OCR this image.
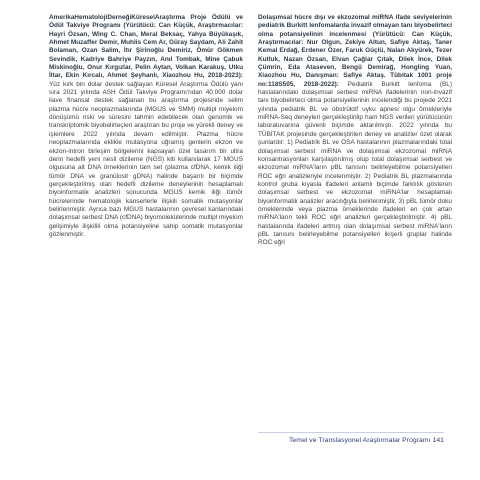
AmerikaHematolojiDerneğiKüreselAraştırma Proje Ödülü ve Ödül Takviye Programı (Yürütücü: Can Küçük, Araştırmacılar: Hayri Özsan, Wing C. Chan, Meral Beksaç, Yahya Büyükaşık, Ahmet Muzaffer Demir, Muhlis Cem Ar, Güray Saydam, Ali Zahit Bolaman, Ozan Salim, İtır Şirinoğlu Demiriz, Ömür Gökmen Sevindik, Kadriye Bahriye Payzın, Anıl Tombak, Mine Çabuk Miskinoğlu, Onur Kırgızlar, Pelin Aytan, Volkan Karakuş, Utku İltar, Ekin Kırcalı, Ahmet Şeyhanlı, Xiaozhou Hu, 2018-2023): Yüz kırk bin dolar destek sağlayan Küresel Araştırma Ödülü yanı sıra 2021 yılında ASH Ödül Takviye Programı'ndan 40.000 dolar ilave finansal destek sağlanan bu araştırma projesinde selim plazma hücre neoplazmalarında (MGUS ve SMM) multipl miyelom dönüşümü riski ve süresini tahmin edebilecek olan genomik ve transkriptomik biyobelirteçleri araştıran bu proje ve yürekli deney ve işlemlere 2022 yılında devam edilmiştir. Plazma hücre neoplazmalarında eklikle mutasyona uğramış genlerin ekzon ve ekzon-intron birleşim bölgelerini kapsayan özel tasarım bir ultra derin hedefli yeni nesil dizileme (NGS) kiti kullanılarak 17 MGUS olgusuna ait DNA örneklerinin tam set (plazma cfDNA, kemik iliği tümör DNA ve granülosit gDNA) halinde başarılı bir biçimde gerçekleştirilmiş olan hedefli dizileme deneylerinin hesaplamalı biyoinformatik analizleri sonucunda MGUS kemik iliği tümör hücrelerinde hematolojik kanserlerle ilişkili somatik mutasyonlar belirlenmiştir. Ayrıca bazı MGUS hastalarının çevresel kanlarındaki dolaşımsal serbest DNA (cfDNA) biyomolekülerinde multipl miyelom gelişimiyle ilişkilili olma potansiyeline sahip somatik mutasyonlar gözlenmiştir.
Dolaşımsal hücre dışı ve ekzozomal miRNA ifade seviyelerinin pediatrik Burkitt lenfomalarda invazif olmayan tanı biyobelirteci olma potansiyelinin incelenmesi (Yürütücü: Can Küçük, Araştırmacılar: Nur Olgun, Zekiye Altun, Safiye Aktaş, Taner Kemal Erdağ, Erdener Özer, Faruk Güçlü, Nalan Akyürek, Tezer Kutluk, Nazan Özsan, Elvan Çağlar Çıtak, Dilek İnce, Dilek Çümrin, Eda Ataseven, Bengü Demirağ, Hongling Yuan, Xiaozhou Hu, Danışman: Safiye Aktaş. Tübitak 1001 proje no:118S505, 2018-2022): Pediatrik Burkitt lenfoma (BL) hastalarındaki dolaşımsal serbest miRNA ifadelerinin non-invazif tanı biyobelirteci olma potansiyellerinin incelendiği bu projede 2021 yılında pediatrik BL ve obstrüktif uyku apnesi olgu örnekleriyle miRNA-Seq deneyleri gerçekleştirilip ham NGS verileri yürütücünün laboratuvarına güvenli biçimde aktarılmıştı. 2022 yılında bu TÜBİTAK projesinde gerçekleştirilen deney ve analizler özet olarak şunlardır: 1) Pediatrik BL ve OSA hastalarının plazmalarındaki total dolaşımsal serbest miRNA ve dolaşımsal ekzozomal miRNA konsantrasyonları karşılaştırılmış olup total dolaşımsal serbest ve ekzozomal miRNA'ların pBL tanısını belirleyebilme potansiyelleri ROC eğri analizleriyle incelenmiştir. 2) Pediatrik BL plazmalarında kontrol gruba kıyasla ifadeleri anlamlı biçimde farklılık gösteren dolaşımsal serbest ve ekzozomal miRNA'lar hesaplamalı biyoinformatik analizler aracılığıyla belirlenmiştir. 3) pBL tümör doku örneklerinde veya plazma örneklerinde ifadeleri en çok artan miRNA'ların tekli ROC eğri analizleri gerçekleştirilmiştir. 4) pBL hastalarında ifadeleri artmış olan dolaşımsal serbest miRNA'ların pBL tanısını belirleyebilme potansiyelleri ikişerli gruplar halinde ROC eğri
Temel ve Translasyonel Araştırmalar Programı 141
